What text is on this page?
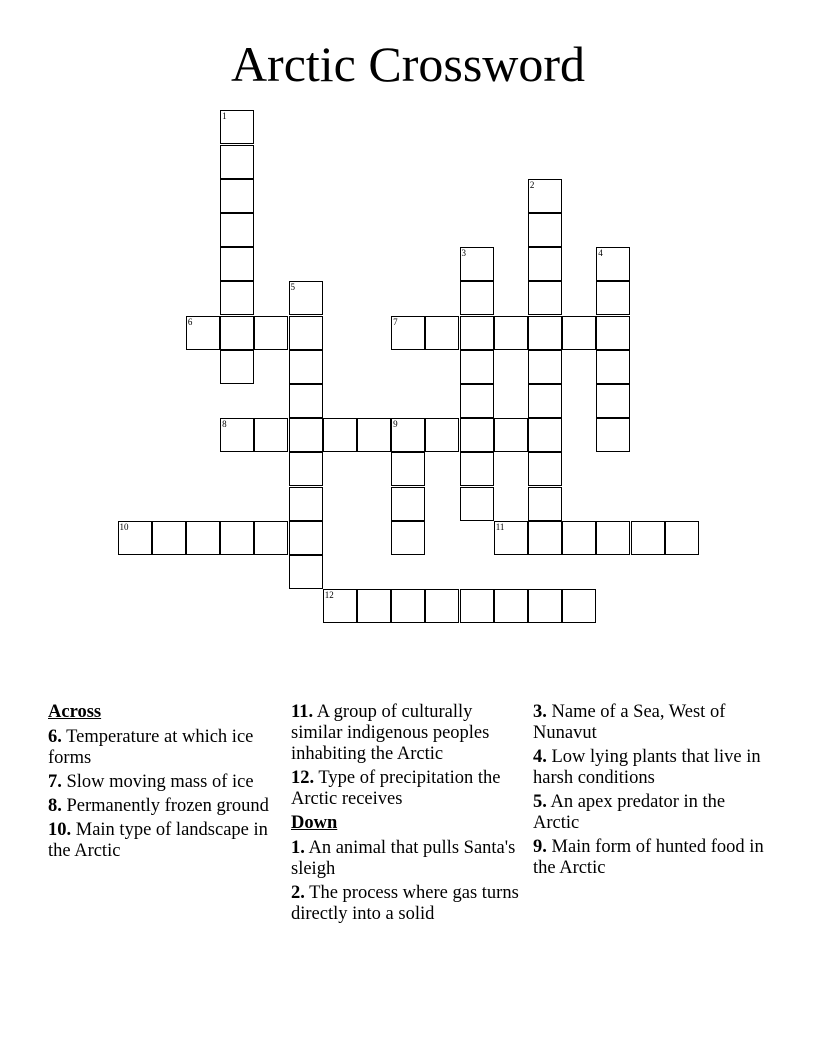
Arctic Crossword
6	7
8	9
10	11
12
1
2
3	4
5
Across
6. Temperature at which ice forms
7. Slow moving mass of ice
8. Permanently frozen ground
10. Main type of landscape in the Arctic
11. A group of culturally similar indigenous peoples inhabiting the Arctic
12. Type of precipitation the Arctic receives
Down
1. An animal that pulls Santa's sleigh
2. The process where gas turns directly into a solid
3. Name of a Sea, West of Nunavut
4. Low lying plants that live in harsh conditions
5. An apex predator in the Arctic
9. Main form of hunted food in the Arctic
